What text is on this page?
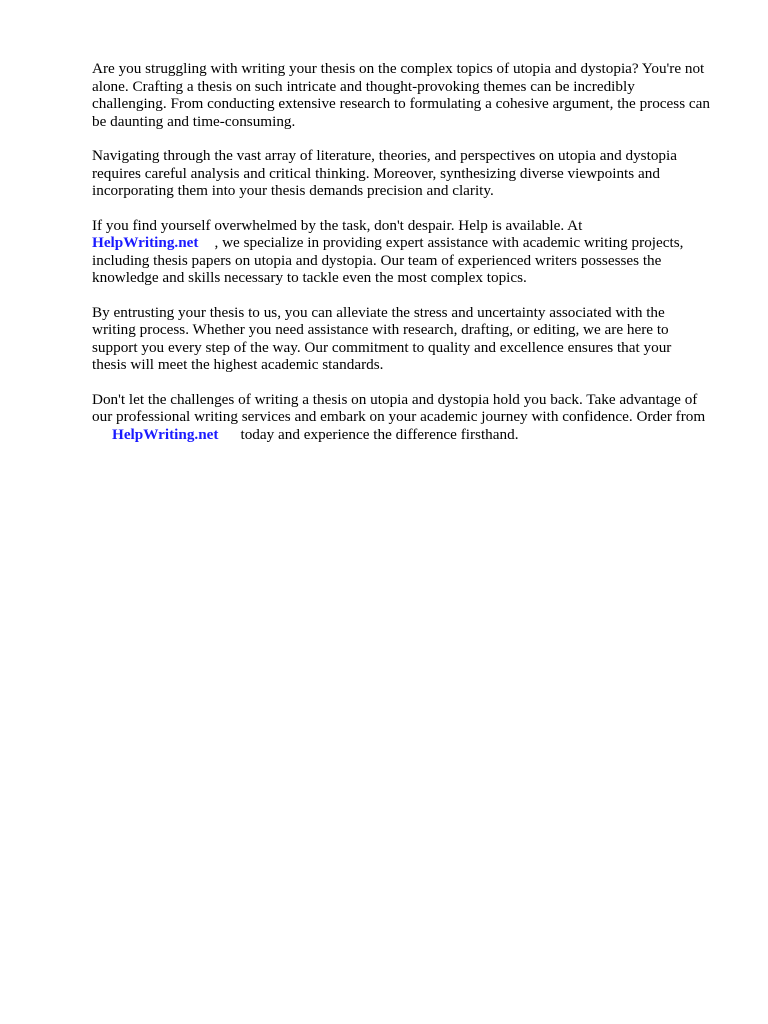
Are you struggling with writing your thesis on the complex topics of utopia and dystopia? You're not
alone. Crafting a thesis on such intricate and thought-provoking themes can be incredibly
challenging. From conducting extensive research to formulating a cohesive argument, the process can
be daunting and time-consuming.

Navigating through the vast array of literature, theories, and perspectives on utopia and dystopia
requires careful analysis and critical thinking. Moreover, synthesizing diverse viewpoints and
incorporating them into your thesis demands precision and clarity.

If you find yourself overwhelmed by the task, don't despair. Help is available. At
HelpWriting.net , we specialize in providing expert assistance with academic writing projects,
including thesis papers on utopia and dystopia. Our team of experienced writers possesses the
knowledge and skills necessary to tackle even the most complex topics.

By entrusting your thesis to us, you can alleviate the stress and uncertainty associated with the
writing process. Whether you need assistance with research, drafting, or editing, we are here to
support you every step of the way. Our commitment to quality and excellence ensures that your
thesis will meet the highest academic standards.

Don't let the challenges of writing a thesis on utopia and dystopia hold you back. Take advantage of
our professional writing services and embark on your academic journey with confidence. Order from
HelpWriting.net today and experience the difference firsthand.
